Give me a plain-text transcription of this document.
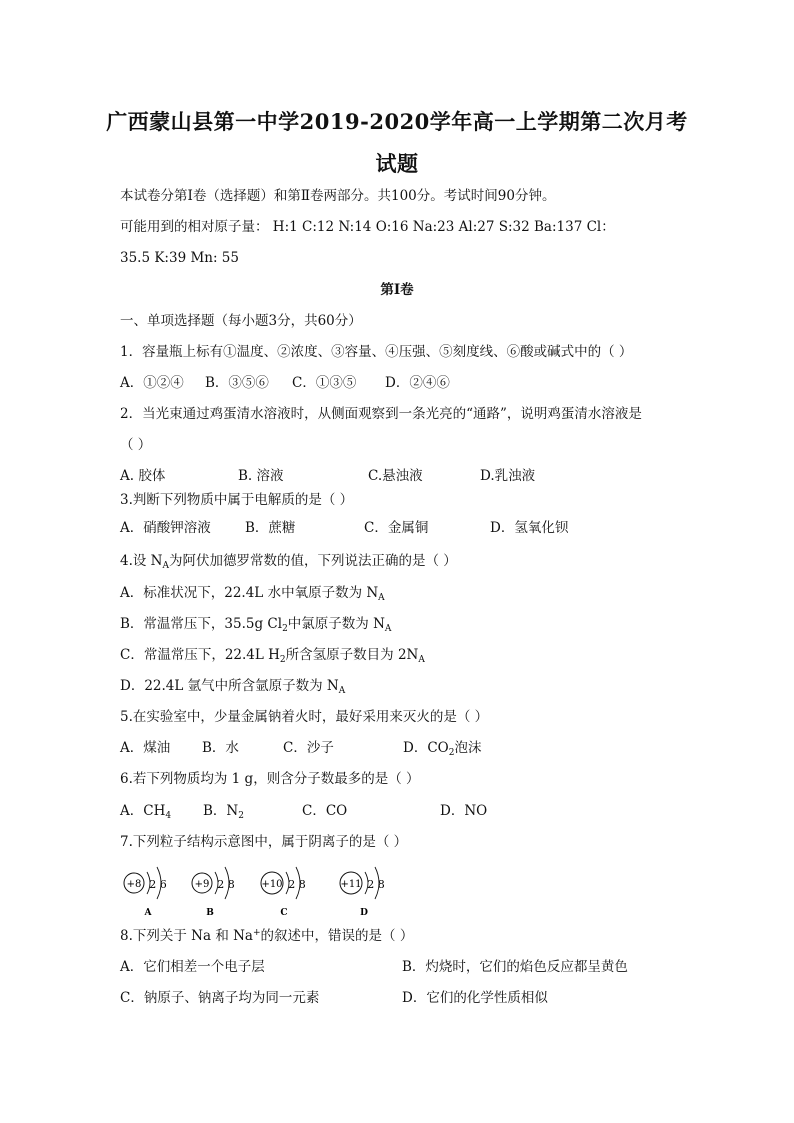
广西蒙山县第一中学2019-2020学年高一上学期第二次月考
试题
本试卷分第Ⅰ卷（选择题）和第Ⅱ卷两部分。共100分。考试时间90分钟。
可能用到的相对原子量： H:1 C:12 N:14 O:16 Na:23 Al:27 S:32 Ba:137 Cl：
35.5 K:39 Mn: 55
第Ⅰ卷
一、单项选择题（每小题3分，共60分）
1．容量瓶上标有①温度、②浓度、③容量、④压强、⑤刻度线、⑥酸或碱式中的（ ）
A．①②④ B．③⑤⑥ C．①③⑤ D．②④⑥
2．当光束通过鸡蛋清水溶液时，从侧面观察到一条光亮的“通路”，说明鸡蛋清水溶液是
（ ）
A. 胶体	B. 溶液	C.悬浊液	D.乳浊液
3.判断下列物质中属于电解质的是（ ）
A．硝酸钾溶液	B．蔗糖	C．金属铜	D．氢氧化钡
4.设 $N_A$为阿伏加德罗常数的值，下列说法正确的是（ ）
A．标准状况下，22.4L 水中氧原子数为 $N_A$
B．常温常压下，35.5g $Cl_2$中氯原子数为 $N_A$
C．常温常压下，22.4L $H_2$所含氢原子数目为 $2N_A$
D．22.4L 氩气中所含氩原子数为 $N_A$
5.在实验室中，少量金属钠着火时，最好采用来灭火的是（ ）
A．煤油 B．水	C．沙子	D．$CO_2$泡沫
6.若下列物质均为 1 g，则含分子数最多的是（ ）
A．$CH_4$ B．$N_2$	C．CO	D．NO
7.下列粒子结构示意图中，属于阴离子的是（ ）
+8 2 6
A
+9 2 8
B
+10 2 8
C
+11 2 8
D
8.下列关于 Na 和 Na+的叙述中，错误的是（ ）
A．它们相差一个电子层	B．灼烧时，它们的焰色反应都呈黄色
C．钠原子、钠离子均为同一元素	D．它们的化学性质相似
